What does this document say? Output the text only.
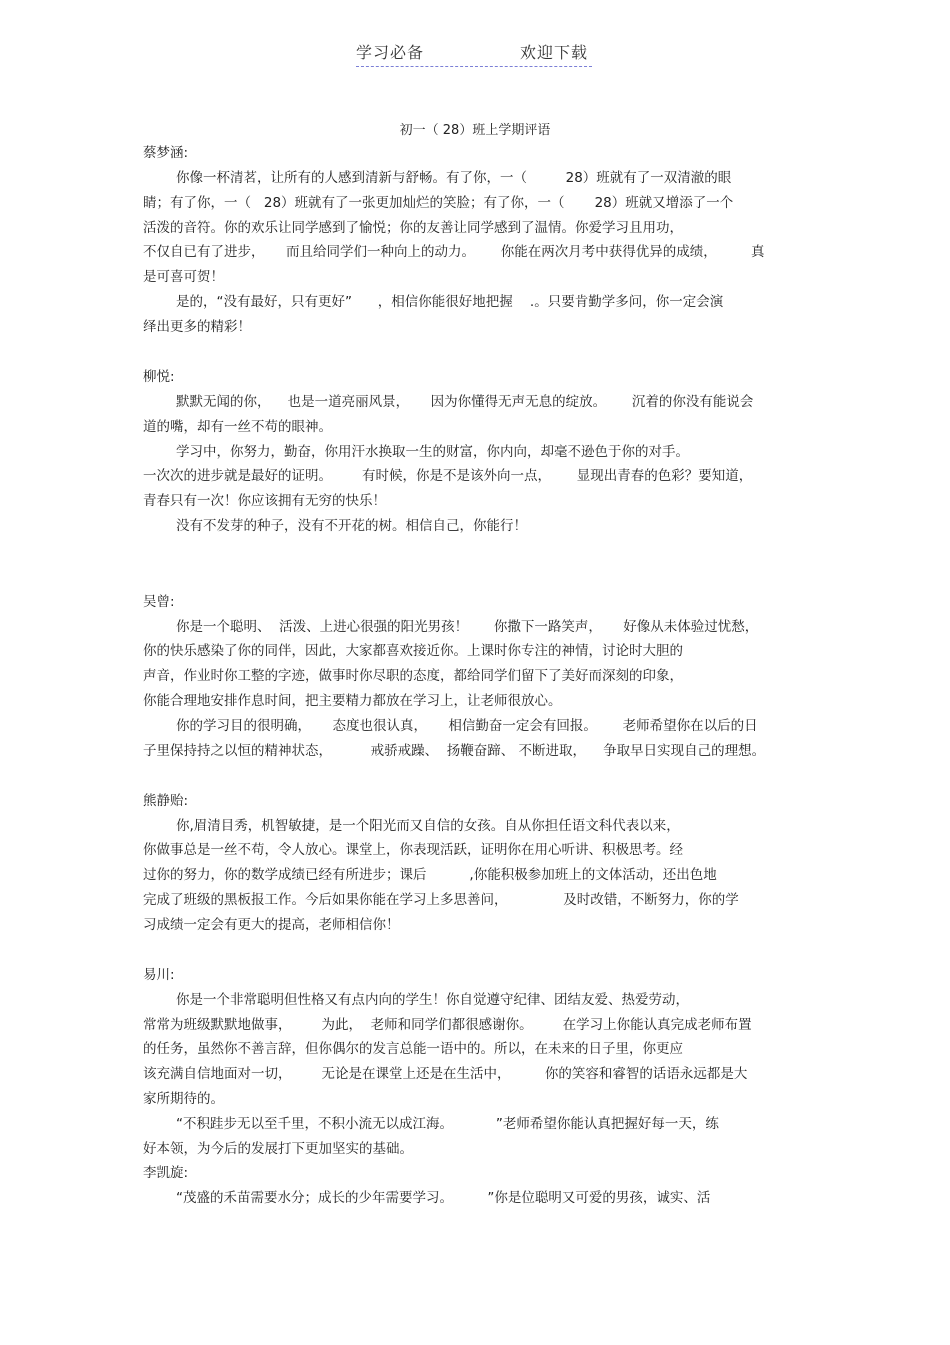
学习必备	欢迎下载
初一（ 28）班上学期评语
蔡梦涵:
你像一杯清茗，让所有的人感到清新与舒畅。有了你，一（         28）班就有了一双清澈的眼
睛；有了你，一（   28）班就有了一张更加灿烂的笑脸；有了你，一（       28）班就又增添了一个
活泼的音符。你的欢乐让同学感到了愉悦；你的友善让同学感到了温情。你爱学习且用功，
不仅自已有了进步，     而且给同学们一种向上的动力。      你能在两次月考中获得优异的成绩，        真
是可喜可贺！
是的，“没有最好，只有更好”      ，相信你能很好地把握    .。只要肯勤学多问，你一定会演
绎出更多的精彩！
柳悦:
默默无闻的你，    也是一道亮丽风景，     因为你懂得无声无息的绽放。      沉着的你没有能说会
道的嘴，却有一丝不苟的眼神。
学习中，你努力，勤奋，你用汗水换取一生的财富，你内向，却毫不逊色于你的对手。
一次次的进步就是最好的证明。       有时候，你是不是该外向一点，      显现出青春的色彩？要知道，
青春只有一次！你应该拥有无穷的快乐！
没有不发芽的种子，没有不开花的树。相信自己，你能行！
吴曾:
你是一个聪明、  活泼、上进心很强的阳光男孩！      你撒下一路笑声，     好像从未体验过忧愁，
你的快乐感染了你的同伴，因此，大家都喜欢接近你。上课时你专注的神情，讨论时大胆的
声音，作业时你工整的字迹，做事时你尽职的态度，都给同学们留下了美好而深刻的印象，
你能合理地安排作息时间，把主要精力都放在学习上，让老师很放心。
你的学习目的很明确，     态度也很认真，     相信勤奋一定会有回报。      老师希望你在以后的日
子里保持持之以恒的精神状态，         戒骄戒躁、  扬鞭奋蹄、 不断进取，    争取早日实现自己的理想。
熊静贻:
你,眉清目秀，机智敏捷，是一个阳光而又自信的女孩。自从你担任语文科代表以来，
你做事总是一丝不苟，令人放心。课堂上，你表现活跃，证明你在用心听讲、积极思考。经
过你的努力，你的数学成绩已经有所进步；课后          ,你能积极参加班上的文体活动，还出色地
完成了班级的黑板报工作。今后如果你能在学习上多思善问，             及时改错，不断努力，你的学
习成绩一定会有更大的提高，老师相信你！
易川:
你是一个非常聪明但性格又有点内向的学生！你自觉遵守纪律、团结友爱、热爱劳动，
常常为班级默默地做事，       为此，  老师和同学们都很感谢你。       在学习上你能认真完成老师布置
的任务，虽然你不善言辞，但你偶尔的发言总能一语中的。所以，在未来的日子里，你更应
该充满自信地面对一切，       无论是在课堂上还是在生活中，        你的笑容和睿智的话语永远都是大
家所期待的。
“不积跬步无以至千里，不积小流无以成江海。          ”老师希望你能认真把握好每一天，练
好本领，为今后的发展打下更加坚实的基础。
李凯旋:
“茂盛的禾苗需要水分；成长的少年需要学习。        ”你是位聪明又可爱的男孩，诚实、活
